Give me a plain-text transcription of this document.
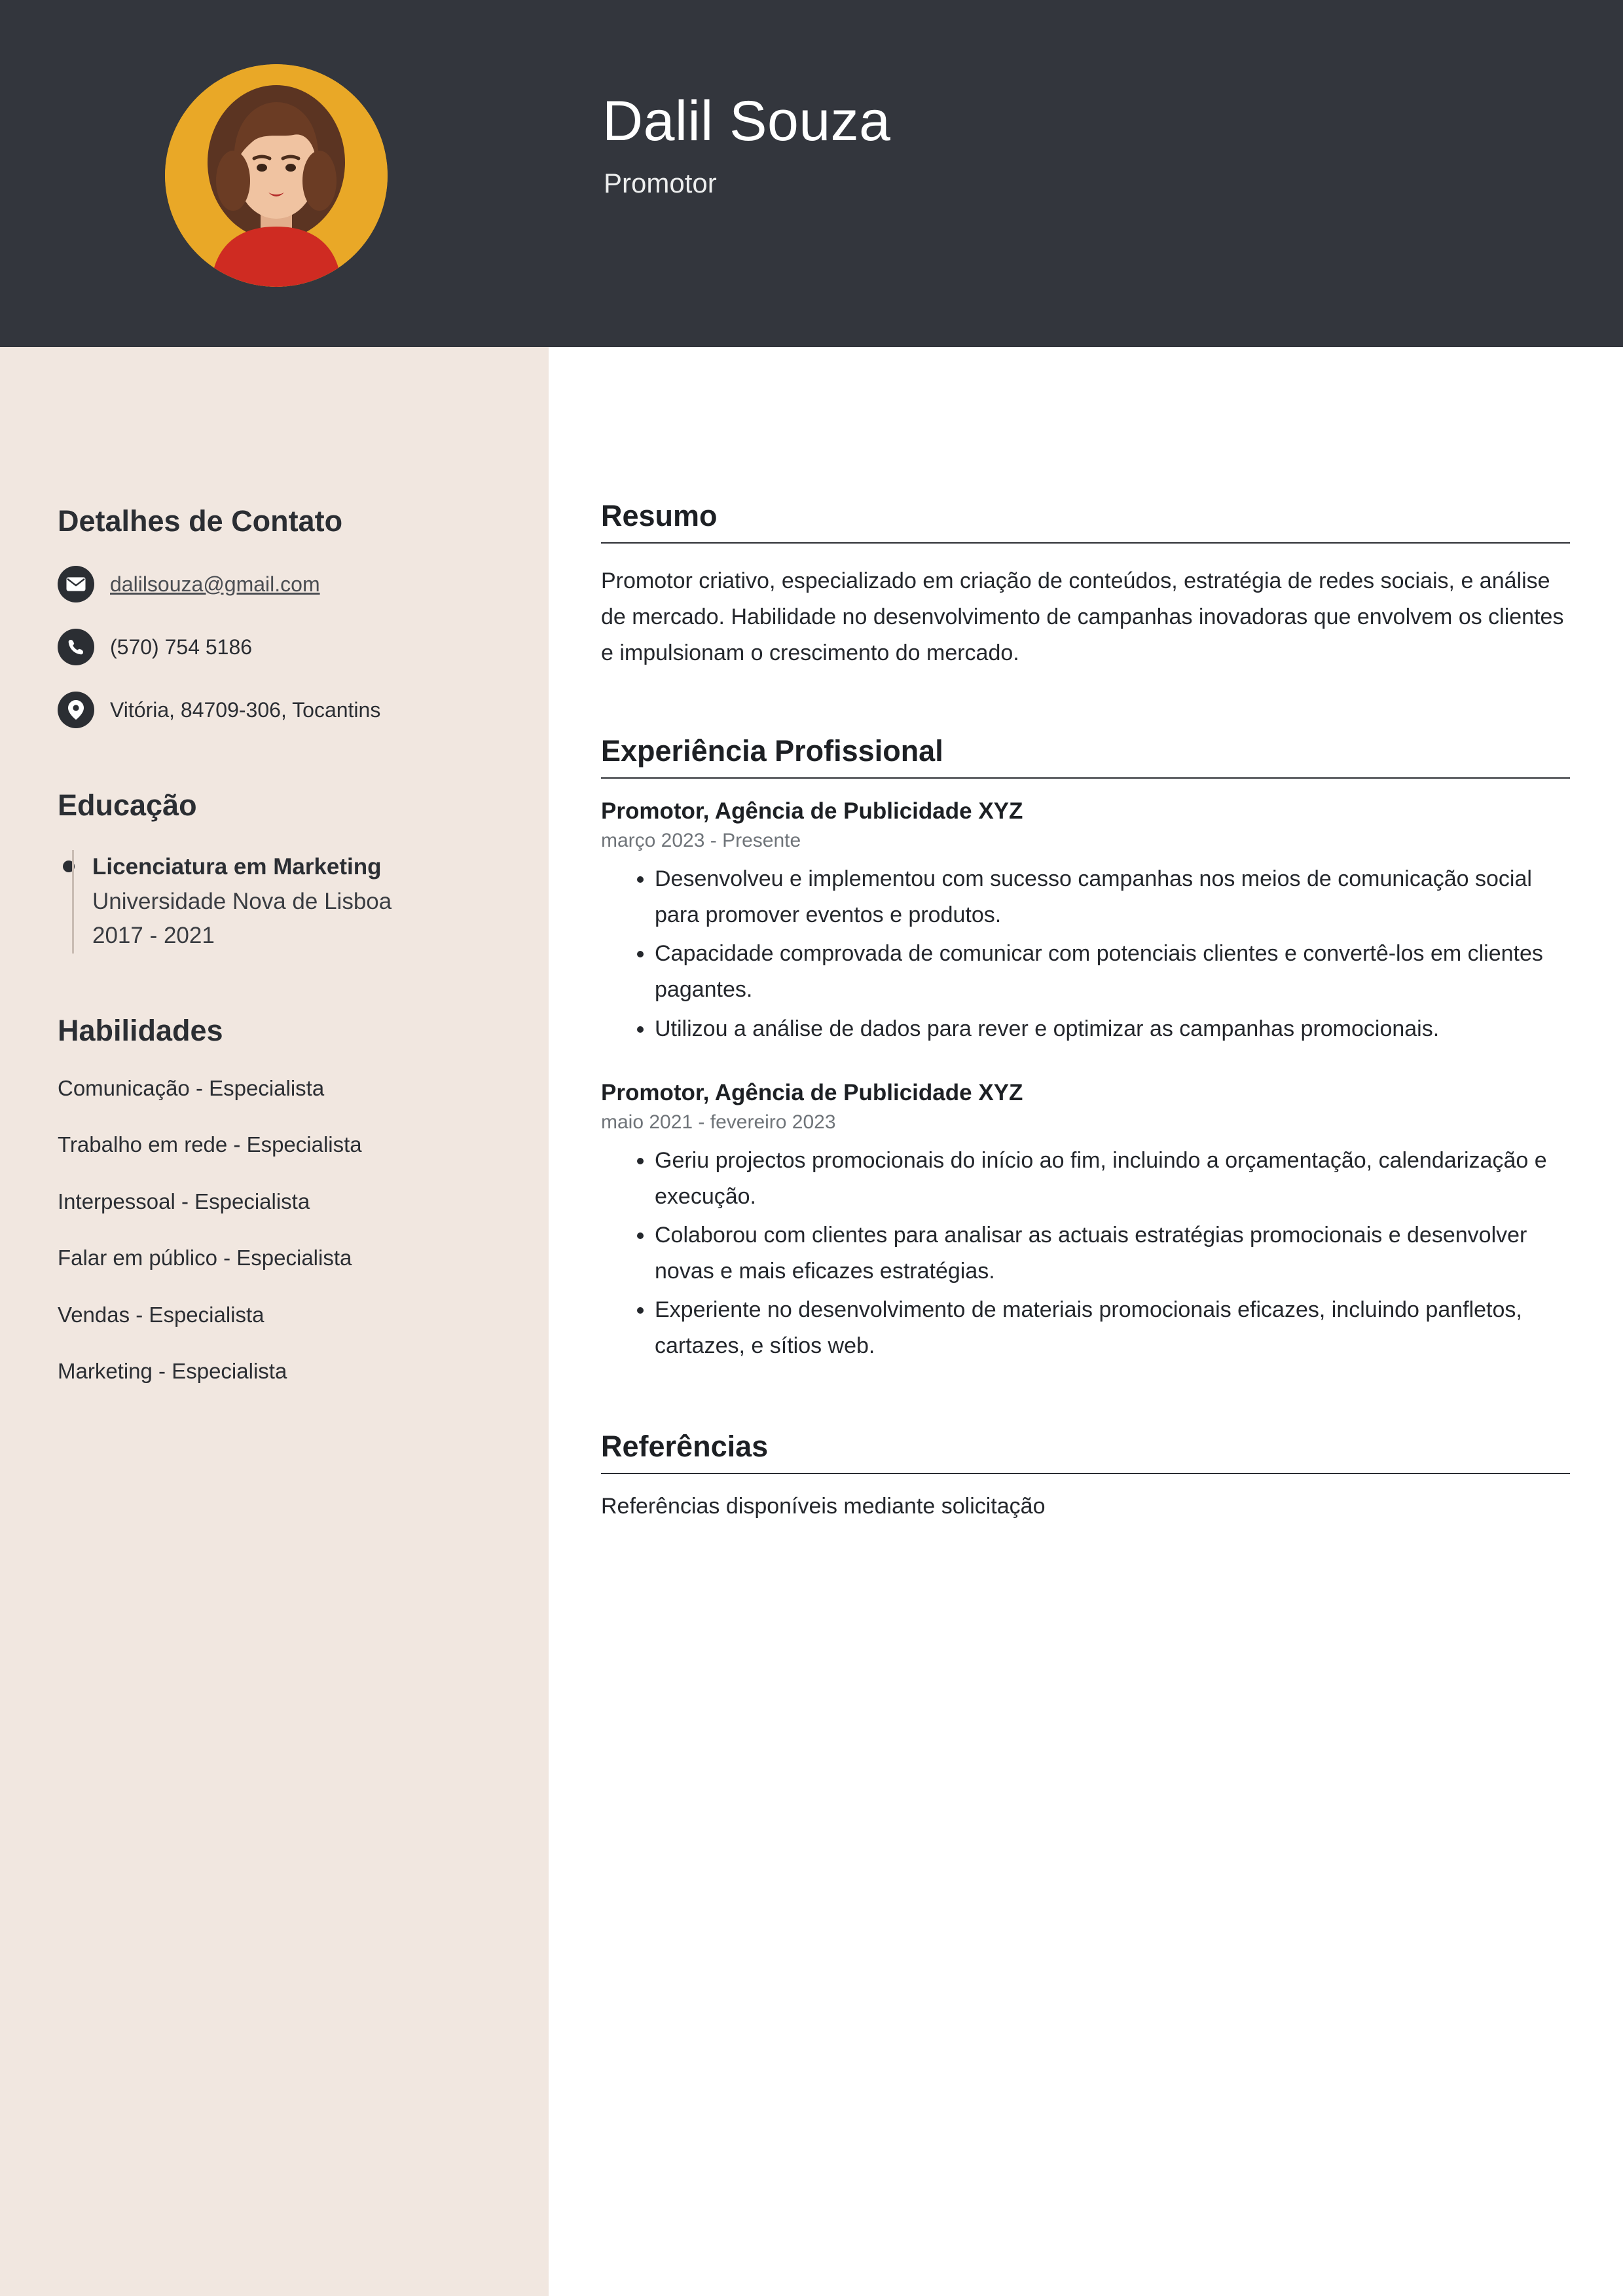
Dalil Souza
Promotor
Detalhes de Contato
dalilsouza@gmail.com
(570) 754 5186
Vitória, 84709-306, Tocantins
Educação
Licenciatura em Marketing
Universidade Nova de Lisboa
2017 - 2021
Habilidades
Comunicação - Especialista
Trabalho em rede - Especialista
Interpessoal - Especialista
Falar em público - Especialista
Vendas - Especialista
Marketing - Especialista
Resumo

Promotor criativo, especializado em criação de conteúdos, estratégia de redes sociais, e análise de mercado. Habilidade no desenvolvimento de campanhas inovadoras que envolvem os clientes e impulsionam o crescimento do mercado.

Experiência Profissional
Promotor, Agência de Publicidade XYZ
março 2023 - Presente
• Desenvolveu e implementou com sucesso campanhas nos meios de comunicação social para promover eventos e produtos.
• Capacidade comprovada de comunicar com potenciais clientes e convertê-los em clientes pagantes.
• Utilizou a análise de dados para rever e optimizar as campanhas promocionais.
Promotor, Agência de Publicidade XYZ
maio 2021 - fevereiro 2023
• Geriu projectos promocionais do início ao fim, incluindo a orçamentação, calendarização e execução.
• Colaborou com clientes para analisar as actuais estratégias promocionais e desenvolver novas e mais eficazes estratégias.
• Experiente no desenvolvimento de materiais promocionais eficazes, incluindo panfletos, cartazes, e sítios web.
Referências

Referências disponíveis mediante solicitação
